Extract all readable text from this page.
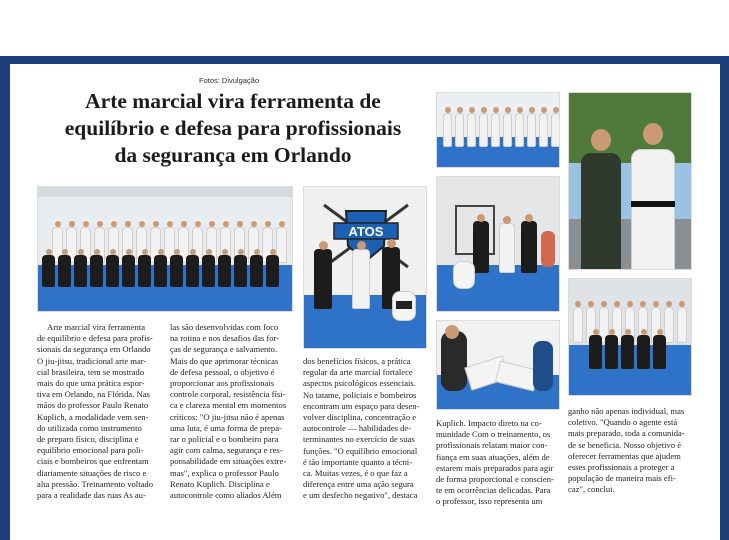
Fotos: Divulgação
Arte marcial vira ferramenta de
equilíbrio e defesa para profissionais
da segurança em Orlando
ATOS

Arte marcial vira ferramenta
de equilíbrio e defesa para profis-
sionais da segurança em Orlando
O jiu-jitsu, tradicional arte mar-
cial brasileira, tem se mostrado
mais do que uma prática espor-
tiva em Orlando, na Flórida. Nas
mãos do professor Paulo Renato
Kuplich, a modalidade vem sen-
do utilizada como instrumento
de preparo físico, disciplina e
equilíbrio emocional para poli-
ciais e bombeiros que enfrentam
diariamente situações de risco e
alta pressão. Treinamento voltado
para a realidade das ruas As au-

las são desenvolvidas com foco
na rotina e nos desafios das for-
ças de segurança e salvamento.
Mais do que aprimorar técnicas
de defesa pessoal, o objetivo é
proporcionar aos profissionais
controle corporal, resistência físi-
ca e clareza mental em momentos
críticos: "O jiu-jitsu não é apenas
uma luta, é uma forma de prepa-
rar o policial e o bombeiro para
agir com calma, segurança e res-
ponsabilidade em situações extre-
mas", explica o professor Paulo
Renato Kuplich. Disciplina e
autocontrole como aliados Além

dos benefícios físicos, a prática
regular da arte marcial fortalece
aspectos psicológicos essenciais.
No tatame, policiais e bombeiros
encontram um espaço para desen-
volver disciplina, concentração e
autocontrole — habilidades de-
terminantes no exercício de suas
funções. "O equilíbrio emocional
é tão importante quanto a técni-
ca. Muitas vezes, é o que faz a
diferença entre uma ação segura
e um desfecho negativo", destaca

Kuplich. Impacto direto na co-
munidade Com o treinamento, os
profissionais relatam maior con-
fiança em suas atuações, além de
estarem mais preparados para agir
de forma proporcional e conscien-
te em ocorrências delicadas. Para
o professor, isso representa um

ganho não apenas individual, mas
coletivo. "Quando o agente está
mais preparado, toda a comunida-
de se beneficia. Nosso objetivo é
oferecer ferramentas que ajudem
esses profissionais a proteger a
população de maneira mais efi-
caz", conclui.
